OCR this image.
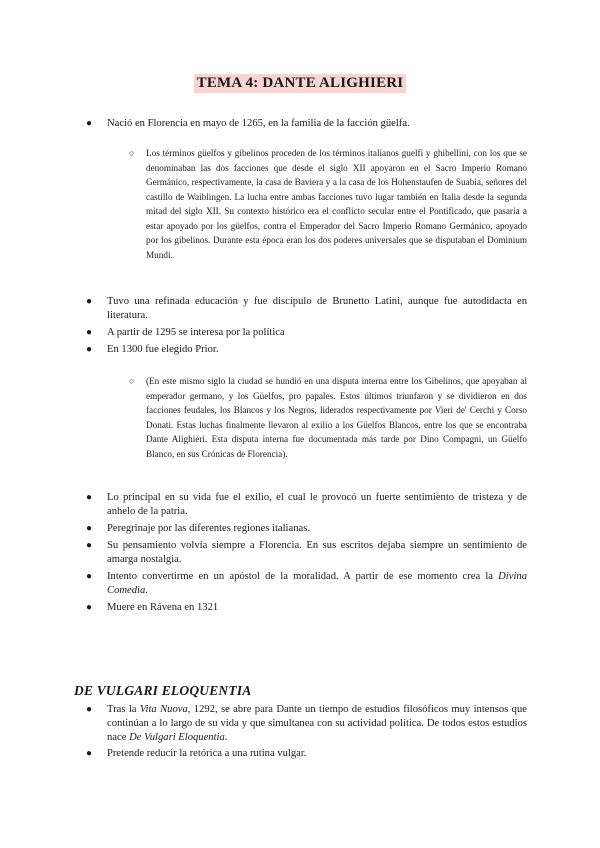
TEMA 4: DANTE ALIGHIERI
● Nació en Florencia en mayo de 1265, en la familia de la facción güelfa.
○ Los términos güelfos y gibelinos proceden de los términos italianos guelfi y ghibellini, con los que se denominaban las dos facciones que desde el siglo XII apoyaron en el Sacro Imperio Romano Germánico, respectivamente, la casa de Baviera y a la casa de los Hohenstaufen de Suabia, señores del castillo de Waiblingen. La lucha entre ambas facciones tuvo lugar también en Italia desde la segunda mitad del siglo XII. Su contexto histórico era el conflicto secular entre el Pontificado, que pasaría a estar apoyado por los güelfos, contra el Emperador del Sacro Imperio Romano Germánico, apoyado por los gibelinos. Durante esta época eran los dos poderes universales que se disputaban el Dominium Mundi.
● Tuvo una refinada educación y fue discípulo de Brunetto Latini, aunque fue autodidacta en literatura.
● A partir de 1295 se interesa por la política
● En 1300 fue elegido Prior.
○ (En este mismo siglo la ciudad se hundió en una disputa interna entre los Gibelinos, que apoyaban al emperador germano, y los Güelfos, pro papales. Estos últimos triunfaron y se dividieron en dos facciones feudales, los Blancos y los Negros, liderados respectivamente por Vieri de' Cerchi y Corso Donati. Estas luchas finalmente llevaron al exilio a los Güelfos Blancos, entre los que se encontraba Dante Alighieri. Esta disputa interna fue documentada más tarde por Dino Compagni, un Güelfo Blanco, en sus Crónicas de Florencia).
● Lo principal en su vida fue el exilio, el cual le provocó un fuerte sentimiento de tristeza y de anhelo de la patria.
● Peregrinaje por las diferentes regiones italianas.
● Su pensamiento volvía siempre a Florencia. En sus escritos dejaba siempre un sentimiento de amarga nostalgia.
● Intento convertirme en un apóstol de la moralidad. A partir de ese momento crea la Divina Comedia.
● Muere en Rávena en 1321
DE VULGARI ELOQUENTIA
● Tras la Vita Nuova, 1292, se abre para Dante un tiempo de estudios filosóficos muy intensos que continúan a lo largo de su vida y que simultanea con su actividad política. De todos estos estudios nace De Vulgari Eloquentia.
● Pretende reducir la retórica a una rutina vulgar.
